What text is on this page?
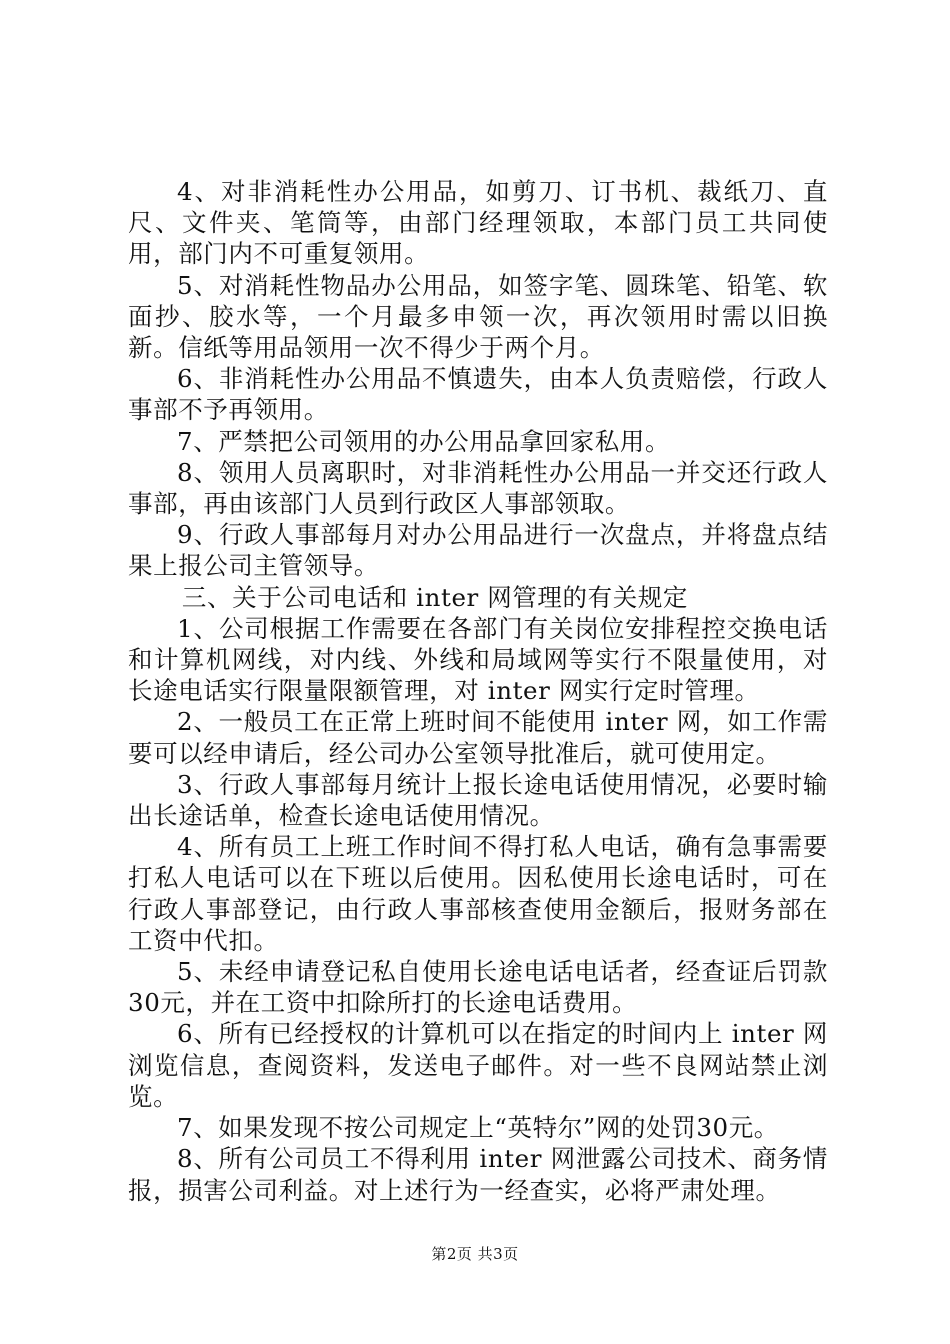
4、对非消耗性办公用品，如剪刀、订书机、裁纸刀、直尺、文件夹、笔筒等，由部门经理领取，本部门员工共同使用，部门内不可重复领用。

5、对消耗性物品办公用品，如签字笔、圆珠笔、铅笔、软面抄、胶水等，一个月最多申领一次，再次领用时需以旧换新。信纸等用品领用一次不得少于两个月。

6、非消耗性办公用品不慎遗失，由本人负责赔偿，行政人事部不予再领用。

7、严禁把公司领用的办公用品拿回家私用。

8、领用人员离职时，对非消耗性办公用品一并交还行政人事部，再由该部门人员到行政区人事部领取。

9、行政人事部每月对办公用品进行一次盘点，并将盘点结果上报公司主管领导。

三、关于公司电话和 inter 网管理的有关规定

1、公司根据工作需要在各部门有关岗位安排程控交换电话和计算机网线，对内线、外线和局域网等实行不限量使用，对长途电话实行限量限额管理，对 inter 网实行定时管理。

2、一般员工在正常上班时间不能使用 inter 网，如工作需要可以经申请后，经公司办公室领导批准后，就可使用定。

3、行政人事部每月统计上报长途电话使用情况，必要时输出长途话单，检查长途电话使用情况。

4、所有员工上班工作时间不得打私人电话，确有急事需要打私人电话可以在下班以后使用。因私使用长途电话时，可在行政人事部登记，由行政人事部核查使用金额后，报财务部在工资中代扣。

5、未经申请登记私自使用长途电话电话者，经查证后罚款30元，并在工资中扣除所打的长途电话费用。

6、所有已经授权的计算机可以在指定的时间内上 inter 网浏览信息，查阅资料，发送电子邮件。对一些不良网站禁止浏览。

7、如果发现不按公司规定上“英特尔”网的处罚30元。

8、所有公司员工不得利用 inter 网泄露公司技术、商务情报，损害公司利益。对上述行为一经查实，必将严肃处理。

第2页 共3页
